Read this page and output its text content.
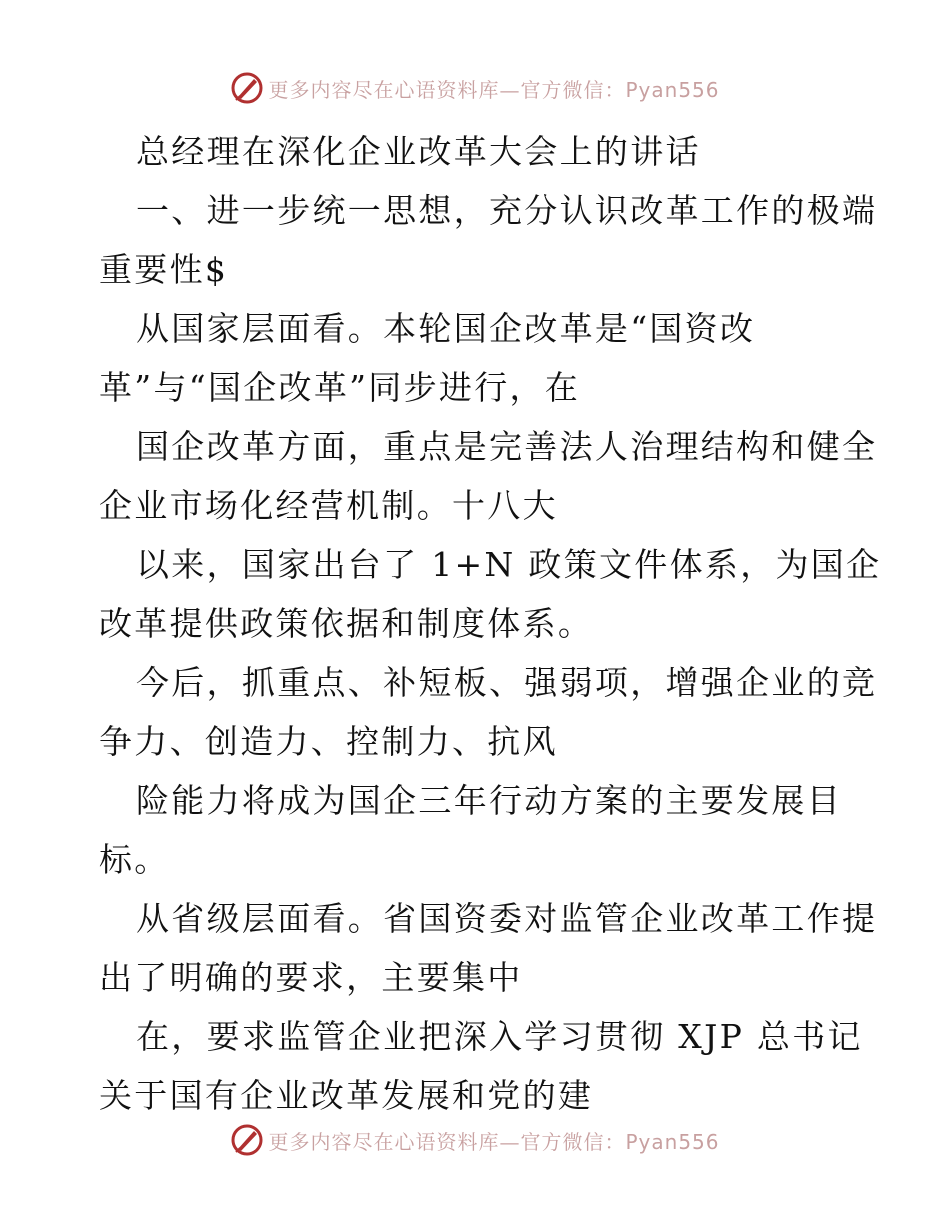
更多内容尽在心语资料库—官方微信：Pyan556
总经理在深化企业改革大会上的讲话
一、进一步统一思想，充分认识改革工作的极端
重要性$
从国家层面看。本轮国企改革是“国资改
革”与“国企改革”同步进行，在
国企改革方面，重点是完善法人治理结构和健全
企业市场化经营机制。十八大
以来，国家出台了 1+N 政策文件体系，为国企
改革提供政策依据和制度体系。
今后，抓重点、补短板、强弱项，增强企业的竞
争力、创造力、控制力、抗风
险能力将成为国企三年行动方案的主要发展目
标。
从省级层面看。省国资委对监管企业改革工作提
出了明确的要求，主要集中
在，要求监管企业把深入学习贯彻 XJP 总书记
关于国有企业改革发展和党的建
更多内容尽在心语资料库—官方微信：Pyan556
